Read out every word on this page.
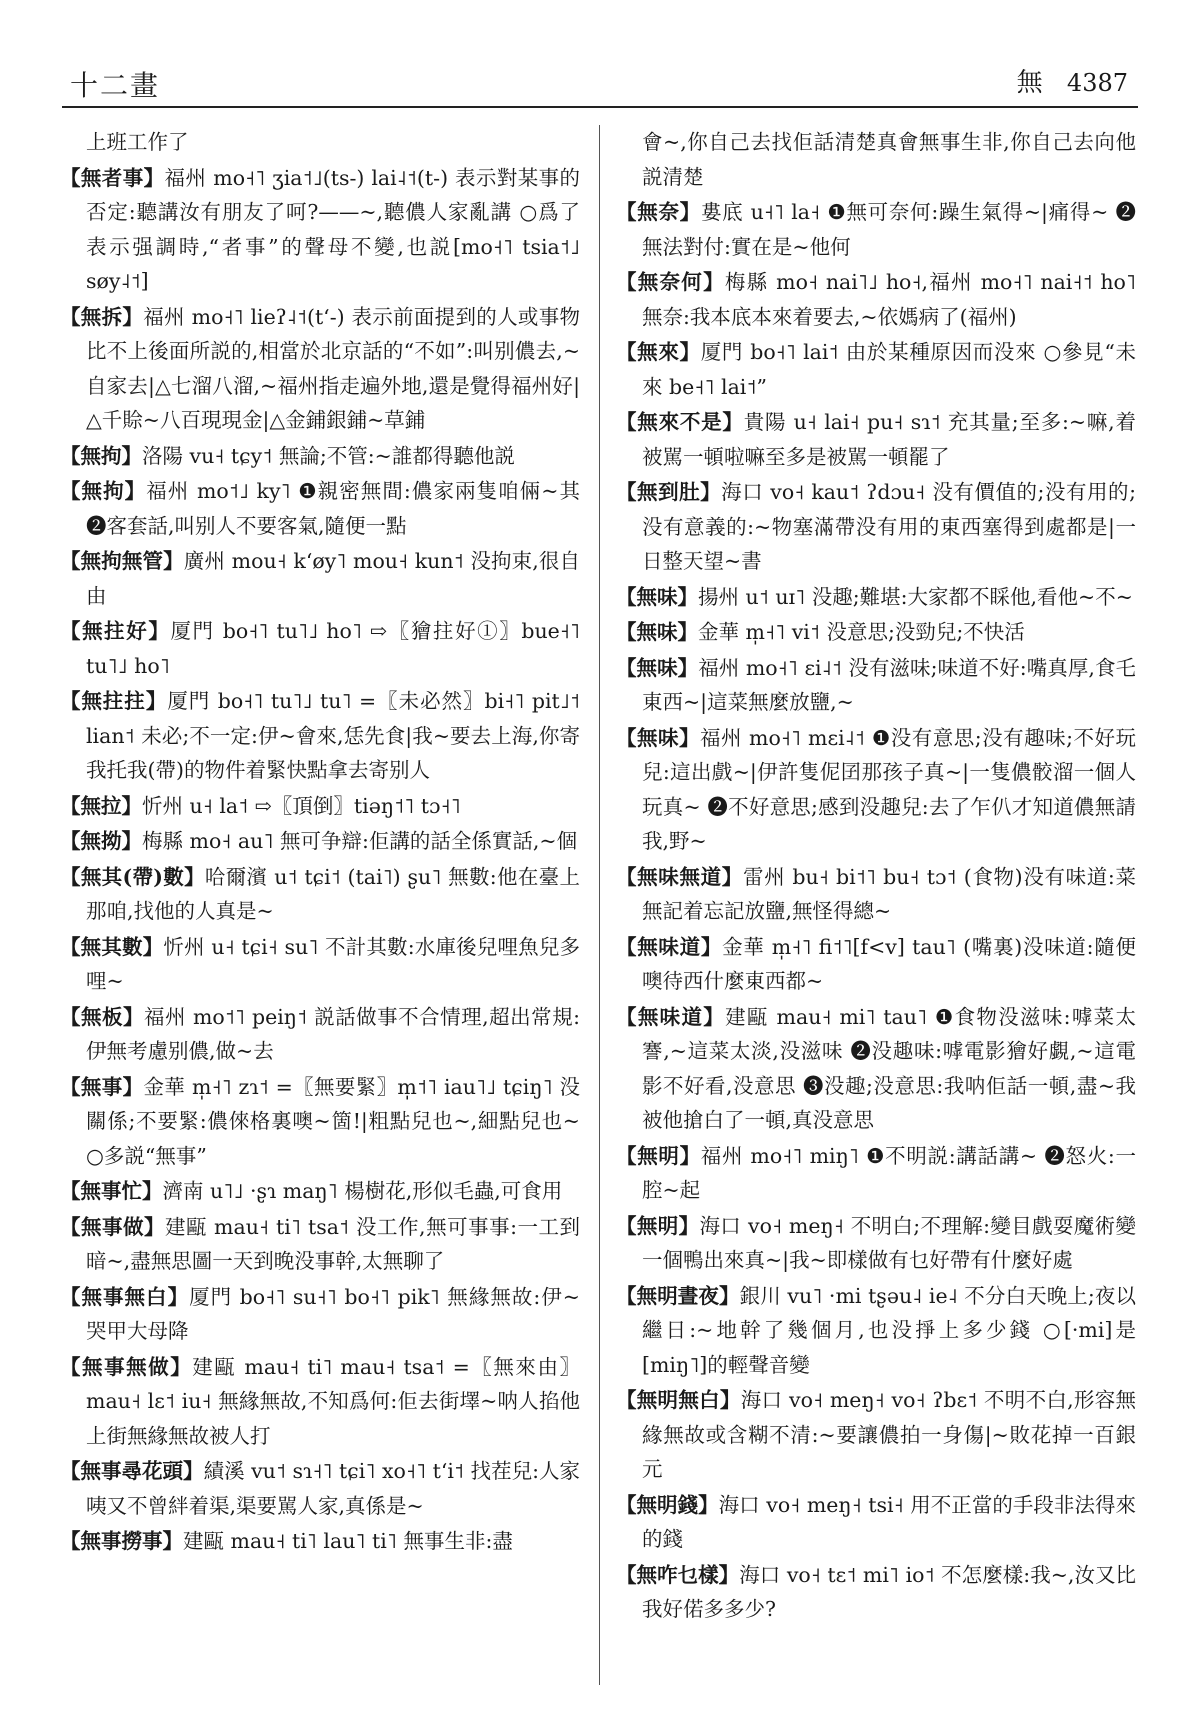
十二畫	無 4387

上班工作了

【無者事】福州 mo˧˥ ʒia˦˩(ts-) lai˨˦(t-) 表示對某事的否定:聽講汝有朋友了呵?——~,聽儂人家亂講 ○爲了表示强調時,“者事”的聲母不變,也説[mo˧˥ tsia˦˩ søy˨˦]

【無拆】福州 mo˧˥ lieʔ˨˦(tʻ-) 表示前面提到的人或事物比不上後面所説的,相當於北京話的“不如”:叫别儂去,~自家去|△七溜八溜,~福州指走遍外地,還是覺得福州好|△千賒~八百現現金|△金鋪銀鋪~草鋪

【無拘】洛陽 vu˧ tɕy˦ 無論;不管:~誰都得聽他説

【無拘】福州 mo˦˩ ky˥ ❶親密無間:儂家兩隻咱倆~其 ❷客套話,叫别人不要客氣,隨便一點

【無拘無管】廣州 mou˧ kʻøy˥ mou˧ kun˦ 没拘束,很自由

【無拄好】厦門 bo˧˥ tu˥˩ ho˥ ⇨〖獪拄好①〗bue˧˥ tu˥˩ ho˥

【無拄拄】厦門 bo˧˥ tu˥˩ tu˥ =〖未必然〗bi˧˥ pit˩˦ lian˦ 未必;不一定:伊~會來,恁先食|我~要去上海,你寄我托我(帶)的物件着緊快點拿去寄别人

【無拉】忻州 u˧ la˦ ⇨〖頂倒〗tiəŋ˦˥ tɔ˧˥

【無拗】梅縣 mo˧ au˥ 無可争辯:佢講的話全係實話,~個

【無其(帶)數】哈爾濱 u˦ tɕi˦ (tai˥) ʂu˥ 無數:他在臺上那咱,找他的人真是~

【無其數】忻州 u˧ tɕi˧ su˥ 不計其數:水庫後兒哩魚兒多哩~

【無板】福州 mo˦˥ peiŋ˦ 説話做事不合情理,超出常規:伊無考慮别儂,做~去

【無事】金華 m̩˧˥ zɿ˦ =〖無要緊〗m̩˦˥ iau˥˩ tɕiŋ˥ 没關係;不要緊:儂倈格裏噢~箇!|粗點兒也~,細點兒也~ ○多説“無事”

【無事忙】濟南 u˥˩ ·ʂɿ maŋ˥ 楊樹花,形似毛蟲,可食用

【無事做】建甌 mau˧ ti˥ tsa˦ 没工作,無可事事:一工到暗~,盡無思圖一天到晚没事幹,太無聊了

【無事無白】厦門 bo˧˥ su˧˥ bo˧˥ pik˥ 無緣無故:伊~哭甲大母降

【無事無做】建甌 mau˧ ti˥ mau˧ tsa˦ =〖無來由〗mau˧ lɛ˦ iu˧ 無緣無故,不知爲何:佢去街墿~呐人掐他上街無緣無故被人打

【無事尋花頭】績溪 vu˦ sɿ˧˥ tɕi˥ xo˧˥ tʻi˦ 找茬兒:人家咦又不曾絆着渠,渠要駡人家,真係是~

【無事撈事】建甌 mau˧ ti˥ lau˥ ti˥ 無事生非:盡

會~,你自己去找佢話清楚真會無事生非,你自己去向他説清楚

【無奈】婁底 u˧˥ la˧ ❶無可奈何:躁生氣得~|痛得~ ❷無法對付:實在是~他何

【無奈何】梅縣 mo˧ nai˥˩ ho˧,福州 mo˧˥ nai˧˦ ho˥ 無奈:我本底本來着要去,~依媽病了(福州)

【無來】厦門 bo˧˥ lai˦ 由於某種原因而没來 ○參見“未來 be˧˥ lai˦”

【無來不是】貴陽 u˧ lai˧ pu˧ sɿ˦ 充其量;至多:~嘛,着被駡一頓啦嘛至多是被駡一頓罷了

【無到肚】海口 vo˧ kau˦ ʔdɔu˧ 没有價值的;没有用的;没有意義的:~物塞滿帶没有用的東西塞得到處都是|一日整天望~書

【無味】揚州 u˦ uɪ˥ 没趣;難堪:大家都不睬他,看他~不~

【無味】金華 m̩˧˥ vi˦ 没意思;没勁兒;不快活

【無味】福州 mo˧˥ ɛi˨˦ 没有滋味;味道不好:嘴真厚,食乇東西~|這菜無麼放鹽,~

【無味】福州 mo˧˥ mɛi˨˦ ❶没有意思;没有趣味;不好玩兒:這出戲~|伊許隻伲囝那孩子真~|一隻儂骹溜一個人玩真~ ❷不好意思;感到没趣兒:去了乍仈才知道儂無請我,野~

【無味無道】雷州 bu˧ bi˦˥ bu˧ tɔ˦ (食物)没有味道:菜無記着忘記放鹽,無怪得總~

【無味道】金華 m̩˧˥ fi˦˥[f<v] tau˥ (嘴裏)没味道:隨便噢待西什麼東西都~

【無味道】建甌 mau˧ mi˥ tau˥ ❶食物没滋味:嘑菜太謇,~這菜太淡,没滋味 ❷没趣味:嘑電影獪好覷,~這電影不好看,没意思 ❸没趣;没意思:我呐佢話一頓,盡~我被他搶白了一頓,真没意思

【無明】福州 mo˧˥ miŋ˥ ❶不明説:講話講~ ❷怒火:一腔~起

【無明】海口 vo˧ meŋ˧ 不明白;不理解:變目戲耍魔術變一個鴨出來真~|我~即樣做有乜好帶有什麼好處

【無明晝夜】銀川 vu˥ ·mi tʂəu˨ ie˨ 不分白天晚上;夜以繼日:~地幹了幾個月,也没掙上多少錢 ○[·mi]是[miŋ˥]的輕聲音變

【無明無白】海口 vo˧ meŋ˧ vo˧ ʔbɛ˦ 不明不白,形容無緣無故或含糊不清:~要讓儂拍一身傷|~敗花掉一百銀元

【無明錢】海口 vo˧ meŋ˧ tsi˧ 用不正當的手段非法得來的錢

【無咋乜樣】海口 vo˧ tɛ˦ mi˥ io˦ 不怎麼樣:我~,汝又比我好偌多多少?
